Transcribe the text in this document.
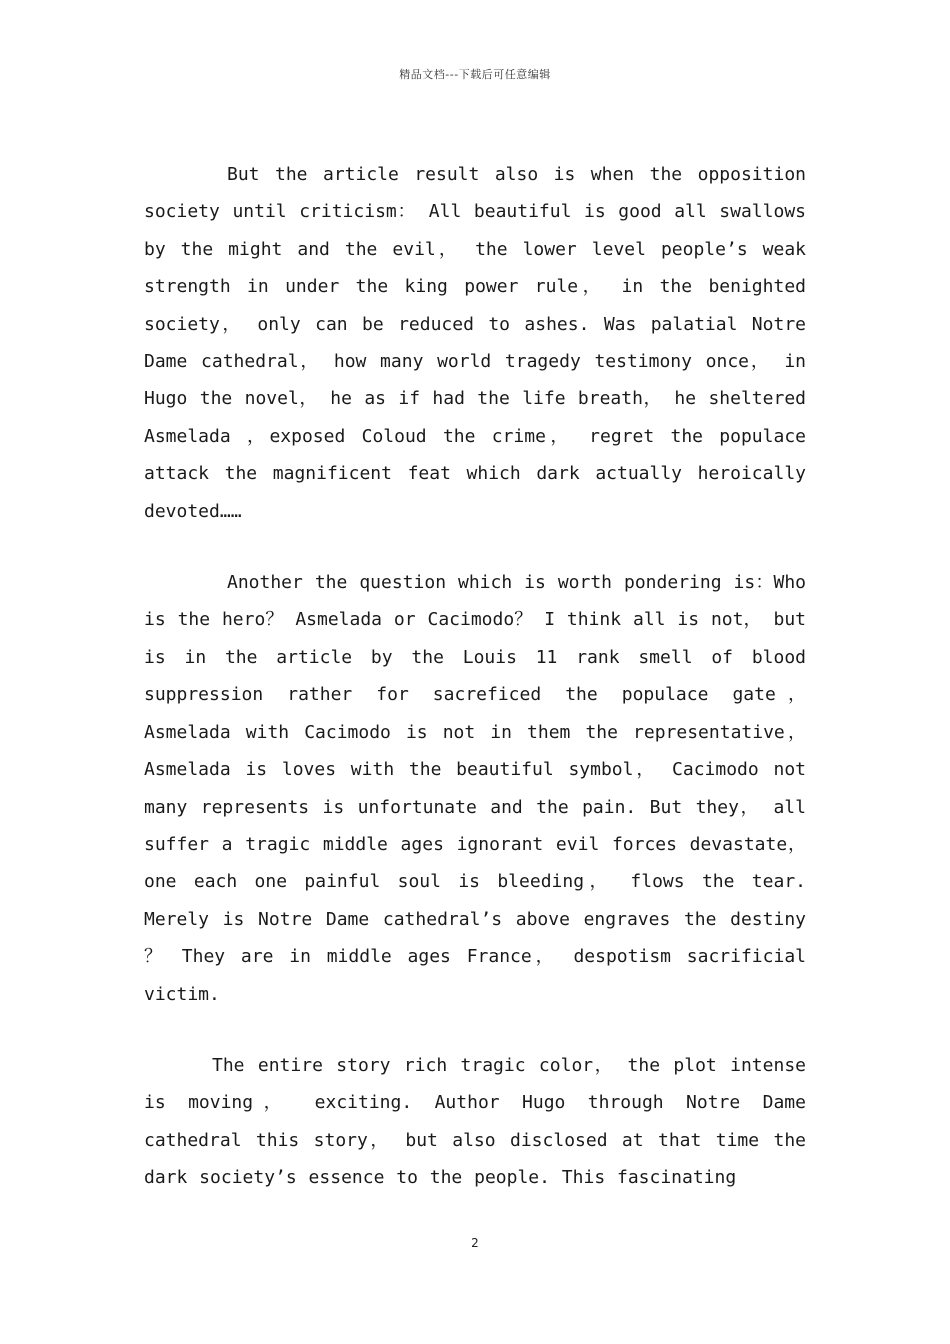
精品文档---下载后可任意编辑

But the article result also is when the opposition society until criticism： All beautiful is good all swallows by the might and the evil， the lower level people’s weak strength in under the king power rule， in the benighted society， only can be reduced to ashes. Was palatial Notre Dame cathedral， how many world tragedy testimony once， in Hugo the novel， he as if had the life breath， he sheltered Asmelada ，exposed Coloud the crime， regret the populace attack the magnificent feat which dark actually heroically devoted……

Another the question which is worth pondering is：Who is the hero？ Asmelada or Cacimodo？ I think all is not， but is in the article by the Louis 11 rank smell of blood suppression rather for sacreficed the populace gate， Asmelada with Cacimodo is not in them the representative， Asmelada is loves with the beautiful symbol， Cacimodo not many represents is unfortunate and the pain. But they， all suffer a tragic middle ages ignorant evil forces devastate， one each one painful soul is bleeding， flows the tear. Merely is Notre Dame cathedral’s above engraves the destiny ？ They are in middle ages France， despotism sacrificial victim.

The entire story rich tragic color， the plot intense is moving， exciting. Author Hugo through Notre Dame cathedral this story， but also disclosed at that time the dark society’s essence to the people. This fascinating

2
